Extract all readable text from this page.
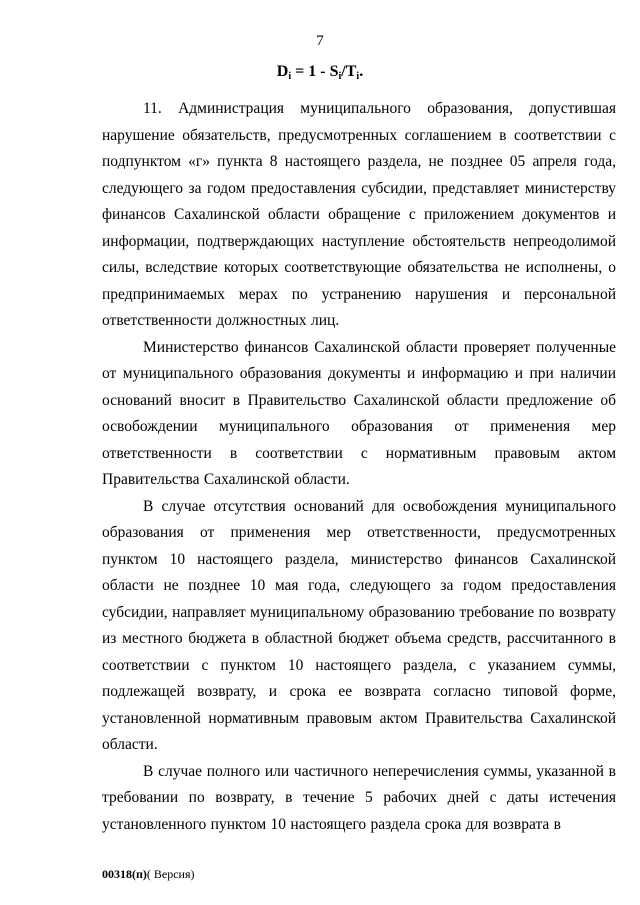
7
$D_i = 1 - S_i/T_i$.

11. Администрация муниципального образования, допустившая нарушение обязательств, предусмотренных соглашением в соответствии с подпунктом «г» пункта 8 настоящего раздела, не позднее 05 апреля года, следующего за годом предоставления субсидии, представляет министерству финансов Сахалинской области обращение с приложением документов и информации, подтверждающих наступление обстоятельств непреодолимой силы, вследствие которых соответствующие обязательства не исполнены, о предпринимаемых мерах по устранению нарушения и персональной ответственности должностных лиц.

Министерство финансов Сахалинской области проверяет полученные от муниципального образования документы и информацию и при наличии оснований вносит в Правительство Сахалинской области предложение об освобождении муниципального образования от применения мер ответственности в соответствии с нормативным правовым актом Правительства Сахалинской области.

В случае отсутствия оснований для освобождения муниципального образования от применения мер ответственности, предусмотренных пунктом 10 настоящего раздела, министерство финансов Сахалинской области не позднее 10 мая года, следующего за годом предоставления субсидии, направляет муниципальному образованию требование по возврату из местного бюджета в областной бюджет объема средств, рассчитанного в соответствии с пунктом 10 настоящего раздела, с указанием суммы, подлежащей возврату, и срока ее возврата согласно типовой форме, установленной нормативным правовым актом Правительства Сахалинской области.

В случае полного или частичного неперечисления суммы, указанной в требовании по возврату, в течение 5 рабочих дней с даты истечения установленного пунктом 10 настоящего раздела срока для возврата в

00318(п)( Версия)
